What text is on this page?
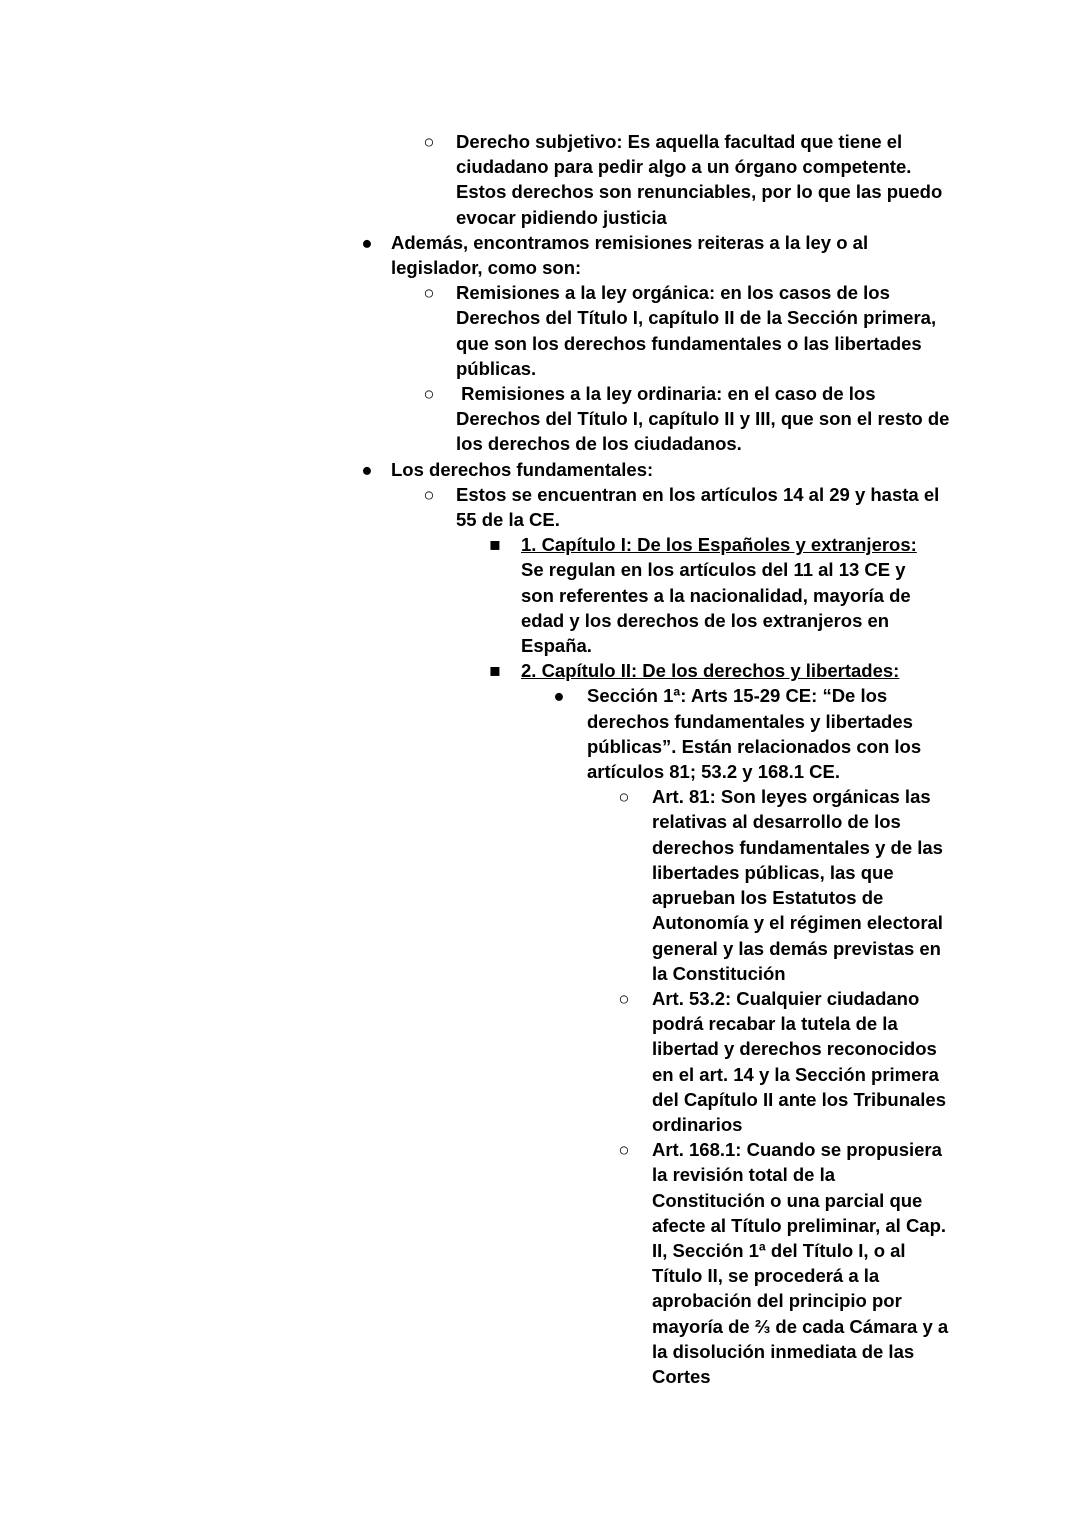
○ Derecho subjetivo: Es aquella facultad que tiene el ciudadano para pedir algo a un órgano competente. Estos derechos son renunciables, por lo que las puedo evocar pidiendo justicia
● Además, encontramos remisiones reiteras a la ley o al legislador, como son:
○ Remisiones a la ley orgánica: en los casos de los Derechos del Título I, capítulo II de la Sección primera, que son los derechos fundamentales o las libertades públicas.
○ Remisiones a la ley ordinaria: en el caso de los Derechos del Título I, capítulo II y III, que son el resto de los derechos de los ciudadanos.
● Los derechos fundamentales:
○ Estos se encuentran en los artículos 14 al 29 y hasta el 55 de la CE.
■ 1. Capítulo I: De los Españoles y extranjeros: Se regulan en los artículos del 11 al 13 CE y son referentes a la nacionalidad, mayoría de edad y los derechos de los extranjeros en España.
■ 2. Capítulo II: De los derechos y libertades:
● Sección 1ª: Arts 15-29 CE: “De los derechos fundamentales y libertades públicas”. Están relacionados con los artículos 81; 53.2 y 168.1 CE.
○ Art. 81: Son leyes orgánicas las relativas al desarrollo de los derechos fundamentales y de las libertades públicas, las que aprueban los Estatutos de Autonomía y el régimen electoral general y las demás previstas en la Constitución
○ Art. 53.2: Cualquier ciudadano podrá recabar la tutela de la libertad y derechos reconocidos en el art. 14 y la Sección primera del Capítulo II ante los Tribunales ordinarios
○ Art. 168.1: Cuando se propusiera la revisión total de la Constitución o una parcial que afecte al Título preliminar, al Cap. II, Sección 1ª del Título I, o al Título II, se procederá a la aprobación del principio por mayoría de ⅔ de cada Cámara y a la disolución inmediata de las Cortes
